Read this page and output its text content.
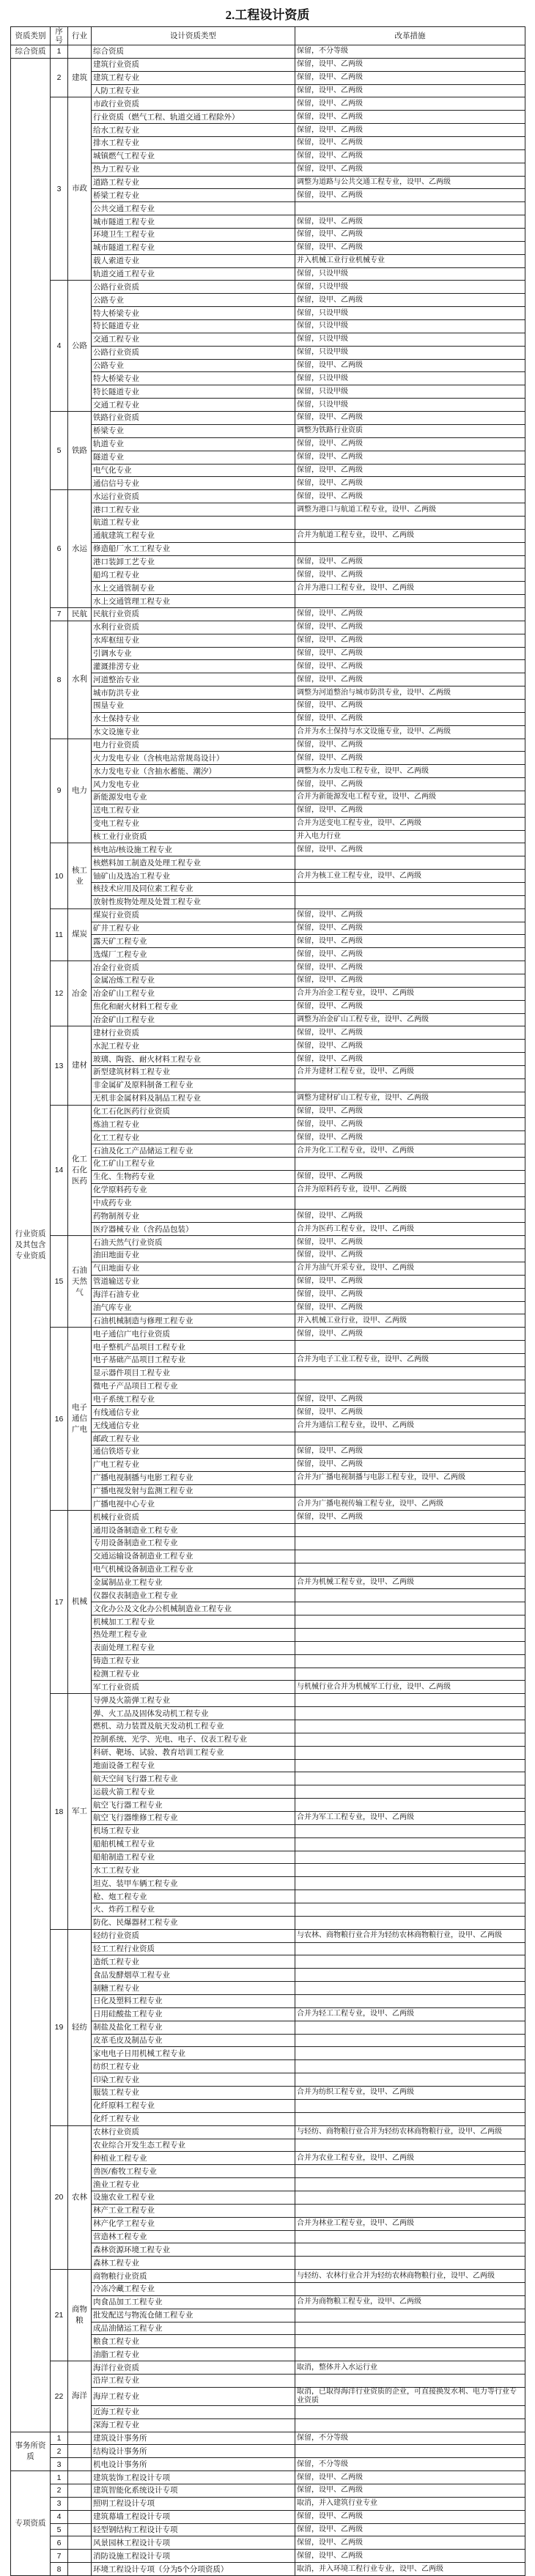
2.工程设计资质
资质类别	序号	行业	设计资质类型	改革措施
综合资质	1		综合资质	保留，不分等级
行业资质及其包含专业资质	2	建筑	建筑行业资质	保留，设甲、乙两级
			建筑工程专业	保留，设甲、乙两级
			人防工程专业	保留，设甲、乙两级
	3	市政	市政行业资质	保留，设甲、乙两级
			行业资质（燃气工程、轨道交通工程除外）	保留，设甲、乙两级
			给水工程专业	保留，设甲、乙两级
			排水工程专业	保留，设甲、乙两级
			城镇燃气工程专业	保留，设甲、乙两级
			热力工程专业	保留，设甲、乙两级
			道路工程专业	调整为道路与公共交通工程专业，设甲、乙两级
			桥梁工程专业	保留，设甲、乙两级
			公共交通工程专业	
			城市隧道工程专业	保留，设甲、乙两级
			环境卫生工程专业	保留，设甲、乙两级
			城市隧道工程专业	保留，设甲、乙两级
			载人索道专业	并入机械工业行业机械专业
			轨道交通工程专业	保留，只设甲级
	4	公路	公路行业资质	保留，只设甲级
			公路专业	保留，设甲、乙两级
			特大桥梁专业	保留，只设甲级
			特长隧道专业	保留，只设甲级
			交通工程专业	保留，只设甲级
			公路行业资质	保留，只设甲级
			公路专业	保留，设甲、乙两级
			特大桥梁专业	保留，只设甲级
			特长隧道专业	保留，只设甲级
			交通工程专业	保留，只设甲级
	5	铁路	铁路行业资质	保留，设甲、乙两级
			桥梁专业	调整为铁路行业资质
			轨道专业	保留，设甲、乙两级
			隧道专业	保留，设甲、乙两级
			电气化专业	保留，设甲、乙两级
			通信信号专业	保留，设甲、乙两级
	6	水运	水运行业资质	保留，设甲、乙两级
			港口工程专业	调整为港口与航道工程专业，设甲、乙两级
			航道工程专业	
			通航建筑工程专业	合并为航道工程专业，设甲、乙两级
			修造船厂水工工程专业	
			港口装卸工艺专业	保留，设甲、乙两级
			船坞工程专业	保留，设甲、乙两级
			水上交通管制专业	合并为港口工程专业，设甲、乙两级
			水上交通管理工程专业	
	7	民航	民航行业资质	保留，设甲、乙两级
	8	水利	水利行业资质	保留，设甲、乙两级
			水库枢纽专业	保留，设甲、乙两级
			引调水专业	保留，设甲、乙两级
			灌溉排涝专业	保留，设甲、乙两级
			河道整治专业	保留，设甲、乙两级
			城市防洪专业	调整为河道整治与城市防洪专业，设甲、乙两级
			围垦专业	保留，设甲、乙两级
			水土保持专业	保留，设甲、乙两级
			水文设施专业	合并为水土保持与水文设施专业，设甲、乙两级
	9	电力	电力行业资质	保留，设甲、乙两级
			火力发电专业（含核电站常规岛设计）	保留，设甲、乙两级
			水力发电专业（含抽水蓄能、潮汐）	调整为水力发电工程专业，设甲、乙两级
			风力发电专业	保留，设甲、乙两级
			新能源发电专业	合并为新能源发电工程专业，设甲、乙两级
			送电工程专业	保留，设甲、乙两级
			变电工程专业	合并为送变电工程专业，设甲、乙两级
			核工业行业资质	并入电力行业
	10	核工业	核电站/核设施工程专业	保留，设甲、乙两级
			核燃料加工制造及处理工程专业	
			铀矿山及选冶工程专业	合并为核工业工程专业，设甲、乙两级
			核技术应用及同位素工程专业	
			放射性废物处理及处置工程专业	
	11	煤炭	煤炭行业资质	保留，设甲、乙两级
			矿井工程专业	保留，设甲、乙两级
			露天矿工程专业	保留，设甲、乙两级
			选煤厂工程专业	保留，设甲、乙两级
	12	冶金	冶金行业资质	保留，设甲、乙两级
			金属冶炼工程专业	保留，设甲、乙两级
			冶金矿山工程专业	合并为冶金工程专业，设甲、乙两级
			焦化和耐火材料工程专业	保留，设甲、乙两级
			冶金矿山工程专业	调整为冶金矿山工程专业，设甲、乙两级
	13	建材	建材行业资质	保留，设甲、乙两级
			水泥工程专业	保留，设甲、乙两级
			玻璃、陶瓷、耐火材料工程专业	保留，设甲、乙两级
			新型建筑材料工程专业	合并为建材工程专业，设甲、乙两级
			非金属矿及原料制备工程专业	
			无机非金属材料及制品工程专业	调整为建材矿山工程专业，设甲、乙两级
	14	化工石化医药	化工石化医药行业资质	保留，设甲、乙两级
			炼油工程专业	保留，设甲、乙两级
			化工工程专业	保留，设甲、乙两级
			石油及化工产品储运工程专业	合并为化工工程专业，设甲、乙两级
			化工矿山工程专业	
			生化、生物药专业	保留，设甲、乙两级
			化学原料药专业	合并为原料药专业，设甲、乙两级
			中成药专业	
			药物制剂专业	保留，设甲、乙两级
			医疗器械专业（含药品包装）	合并为医药工程专业，设甲、乙两级
	15	石油天然气	石油天然气行业资质	保留，设甲、乙两级
			油田地面专业	保留，设甲、乙两级
			气田地面专业	合并为油气开采专业，设甲、乙两级
			管道输送专业	保留，设甲、乙两级
			海洋石油专业	保留，设甲、乙两级
			油气库专业	保留，设甲、乙两级
			石油机械制造与修理工程专业	并入机械工业行业，设甲、乙两级
	16	电子通信广电	电子通信广电行业资质	保留，设甲、乙两级
			电子整机产品项目工程专业	
			电子基础产品项目工程专业	合并为电子工业工程专业，设甲、乙两级
			显示器件项目工程专业	
			微电子产品项目工程专业	
			电子系统工程专业	保留，设甲、乙两级
			有线通信专业	保留，设甲、乙两级
			无线通信专业	合并为通信工程专业，设甲、乙两级
			邮政工程专业	
			通信铁塔专业	保留，设甲、乙两级
			广电工程专业	保留，设甲、乙两级
			广播电视制播与电影工程专业	合并为广播电视制播与电影工程专业，设甲、乙两级
			广播电视发射与监测工程专业	
			广播电视中心专业	合并为广播电视传输工程专业，设甲、乙两级
	17	机械	机械行业资质	保留，设甲、乙两级
			通用设备制造业工程专业	
			专用设备制造业工程专业	
			交通运输设备制造业工程专业	
			电气机械设备制造业工程专业	
			金属制品业工程专业	合并为机械工程专业，设甲、乙两级
			仪器仪表制造业工程专业	
			文化办公及文化办公机械制造业工程专业	
			机械加工工程专业	
			热处理工程专业	
			表面处理工程专业	
			铸造工程专业	
			检测工程专业	
			军工行业资质	与机械行业合并为机械军工行业，设甲、乙两级
	18	军工	导弹及火箭弹工程专业	
			弹、火工品及固体发动机工程专业	
			燃机、动力装置及航天发动机工程专业	
			控制系统、光学、光电、电子、仪表工程专业	
			科研、靶场、试验、教育培训工程专业	
			地面设备工程专业	
			航天空间飞行器工程专业	
			运载火箭工程专业	
			航空飞行器工程专业	
			航空飞行器维修工程专业	合并为军工工程专业，设甲、乙两级
			机场工程专业	
			船舶机械工程专业	
			船舶制造工程专业	
			水工工程专业	
			坦克、装甲车辆工程专业	
			枪、炮工程专业	
			火、炸药工程专业	
			防化、民爆器材工程专业	
	19	轻纺	轻纺行业资质	与农林、商物粮行业合并为轻纺农林商物粮行业，设甲、乙两级
			轻工工程行业资质	
			造纸工程专业	
			食品发酵烟草工程专业	
			制糖工程专业	
			日化及塑料工程专业	
			日用硅酸盐工程专业	合并为轻工工程专业，设甲、乙两级
			制盐及盐化工程专业	
			皮革毛皮及制品专业	
			家电电子日用机械工程专业	
			纺织工程专业	
			印染工程专业	
			服装工程专业	合并为纺织工程专业，设甲、乙两级
			化纤原料工程专业	
			化纤工程专业	
	20	农林	农林行业资质	与轻纺、商物粮行业合并为轻纺农林商物粮行业，设甲、乙两级
			农业综合开发生态工程专业	
			种植业工程专业	合并为农业工程专业，设甲、乙两级
			兽医/畜牧工程专业	
			渔业工程专业	
			设施农业工程专业	
			林产工业工程专业	
			林产化学工程专业	合并为林业工程专业，设甲、乙两级
			营造林工程专业	
			森林资源环境工程专业	
			森林工程专业	
	21	商物粮	商物粮行业资质	与轻纺、农林行业合并为轻纺农林商物粮行业，设甲、乙两级
			冷冻冷藏工程专业	
			肉食品加工工程专业	合并为商物粮工程专业，设甲、乙两级
			批发配送与物流仓储工程专业	
			成品油储运工程专业	
			粮食工程专业	
			油脂工程专业	
	22	海洋	海洋行业资质	取消，整体并入水运行业
			沿岸工程专业	
			海岸工程专业	取消，已取得海洋行业资质的企业，可直接换发水利、电力等行业专业资质
			近海工程专业	
			深海工程专业	
事务所资质	1		建筑设计事务所	保留，不分等级
	2		结构设计事务所	
	3		机电设计事务所	保留，不分等级
专项资质	1		建筑装饰工程设计专项	保留，设甲、乙两级
	2		建筑智能化系统设计专项	保留，设甲、乙两级
	3		照明工程设计专项	取消，并入建筑行业专业
	4		建筑幕墙工程设计专项	保留，设甲、乙两级
	5		轻型钢结构工程设计专项	保留，设甲、乙两级
	6		风景园林工程设计专项	保留，设甲、乙两级
	7		消防设施工程设计专项	保留，设甲、乙两级
	8		环境工程设计专项（分为5个分项资质）	取消，并入环境工程行业专业，设甲、乙两级
